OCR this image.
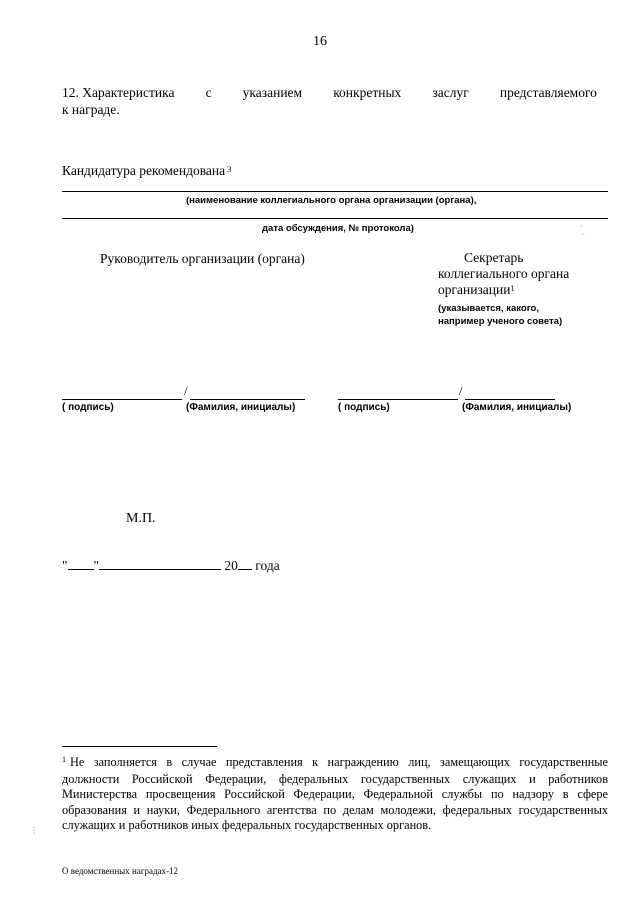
16
12. Характеристика с указанием конкретных заслуг представляемого
к награде.
Кандидатура рекомендована $^3$
(наименование коллегиального органа организации (органа),
дата обсуждения, № протокола)
Руководитель организации (органа)	Секретарь
коллегиального органа
организации$^1$
(указывается, какого,
например ученого совета)
/
( подпись)	(Фамилия, инициалы)
/
( подпись)	(Фамилия, инициалы)
М.П.
" "	20 года
$^1$ Не заполняется в случае представления к награждению лиц, замещающих государственные должности Российской Федерации, федеральных государственных служащих и работников Министерства просвещения Российской Федерации, Федеральной службы по надзору в сфере образования и науки, Федерального агентства по делам молодежи, федеральных государственных служащих и работников иных федеральных государственных органов.
О ведомственных наградах-12
·
¨
⋮
